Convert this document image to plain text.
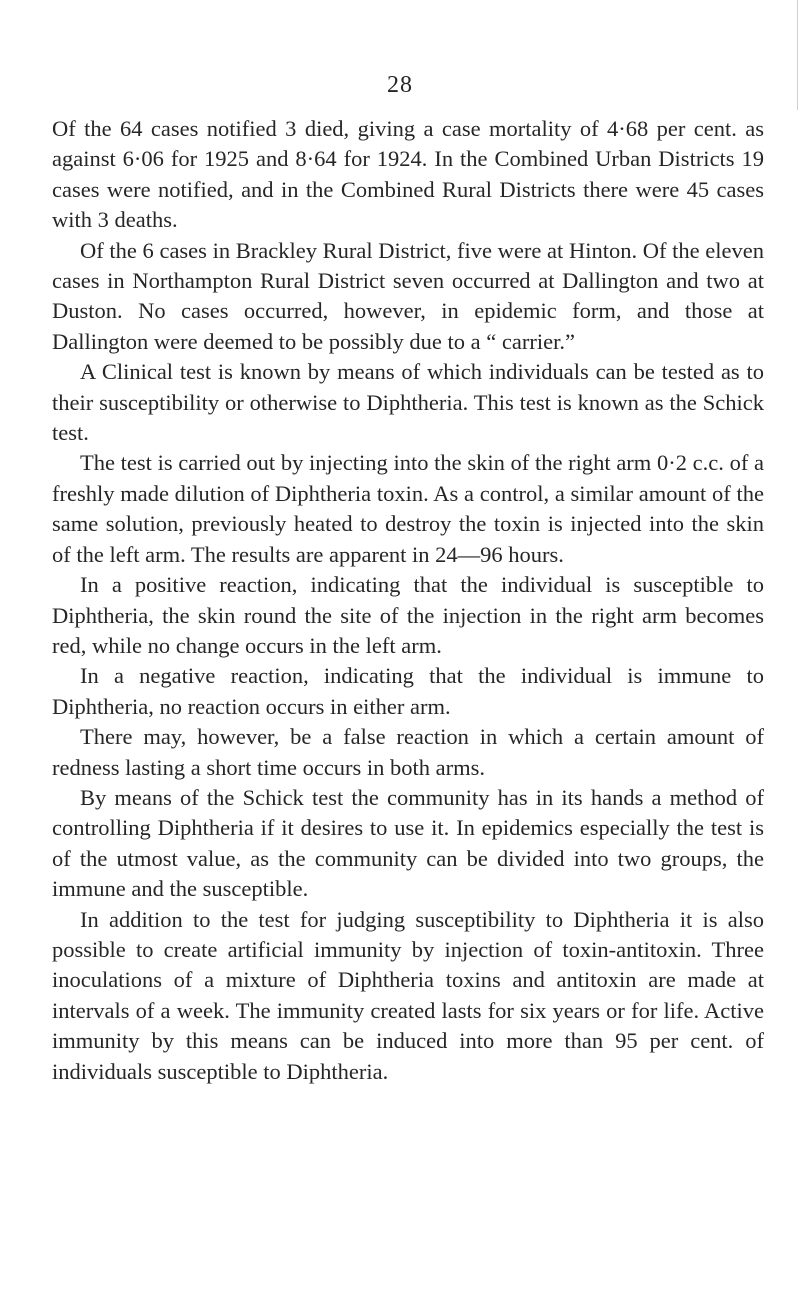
28

Of the 64 cases notified 3 died, giving a case mortality of 4·68 per cent. as against 6·06 for 1925 and 8·64 for 1924. In the Combined Urban Districts 19 cases were notified, and in the Combined Rural Districts there were 45 cases with 3 deaths.

Of the 6 cases in Brackley Rural District, five were at Hinton. Of the eleven cases in Northampton Rural District seven occurred at Dallington and two at Duston. No cases occurred, however, in epidemic form, and those at Dallington were deemed to be possibly due to a “ carrier.”

A Clinical test is known by means of which individuals can be tested as to their susceptibility or otherwise to Diphtheria. This test is known as the Schick test.

The test is carried out by injecting into the skin of the right arm 0·2 c.c. of a freshly made dilution of Diphtheria toxin. As a control, a similar amount of the same solution, previously heated to destroy the toxin is injected into the skin of the left arm. The results are apparent in 24—96 hours.

In a positive reaction, indicating that the individual is susceptible to Diphtheria, the skin round the site of the injection in the right arm becomes red, while no change occurs in the left arm.

In a negative reaction, indicating that the individual is immune to Diphtheria, no reaction occurs in either arm.

There may, however, be a false reaction in which a certain amount of redness lasting a short time occurs in both arms.

By means of the Schick test the community has in its hands a method of controlling Diphtheria if it desires to use it. In epidemics especially the test is of the utmost value, as the community can be divided into two groups, the immune and the susceptible.

In addition to the test for judging susceptibility to Diphtheria it is also possible to create artificial immunity by injection of toxin-antitoxin. Three inoculations of a mixture of Diphtheria toxins and antitoxin are made at intervals of a week. The immunity created lasts for six years or for life. Active immunity by this means can be induced into more than 95 per cent. of individuals susceptible to Diphtheria.
